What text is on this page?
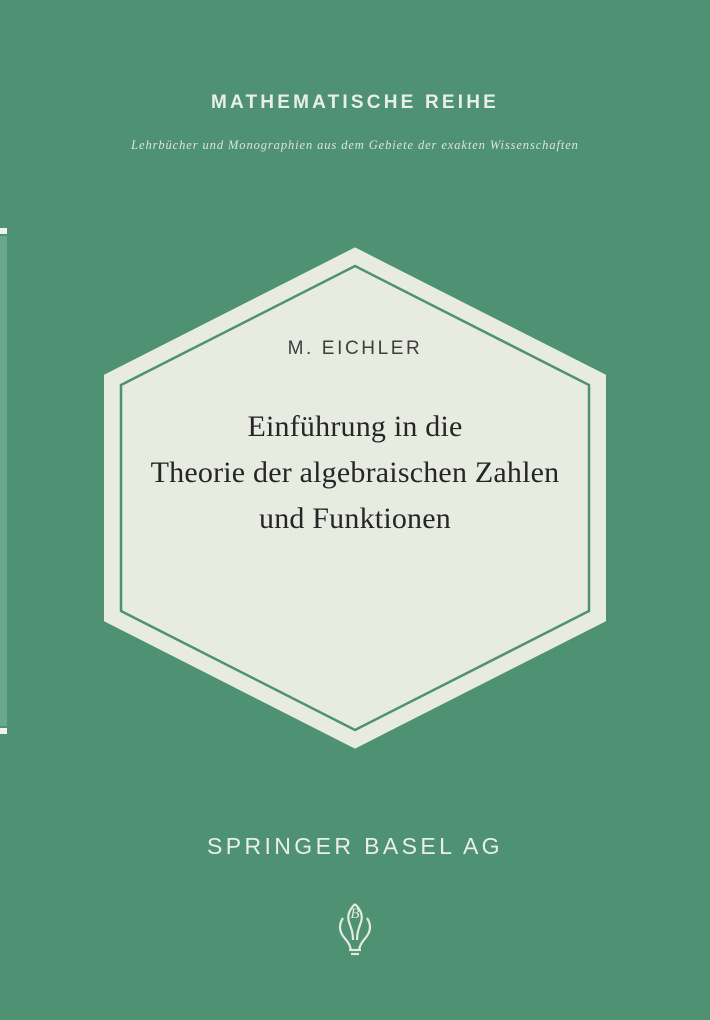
MATHEMATISCHE REIHE
Lehrbücher und Monographien aus dem Gebiete der exakten Wissenschaften
M. EICHLER
Einführung in die
Theorie der algebraischen Zahlen
und Funktionen
SPRINGER BASEL AG
B
